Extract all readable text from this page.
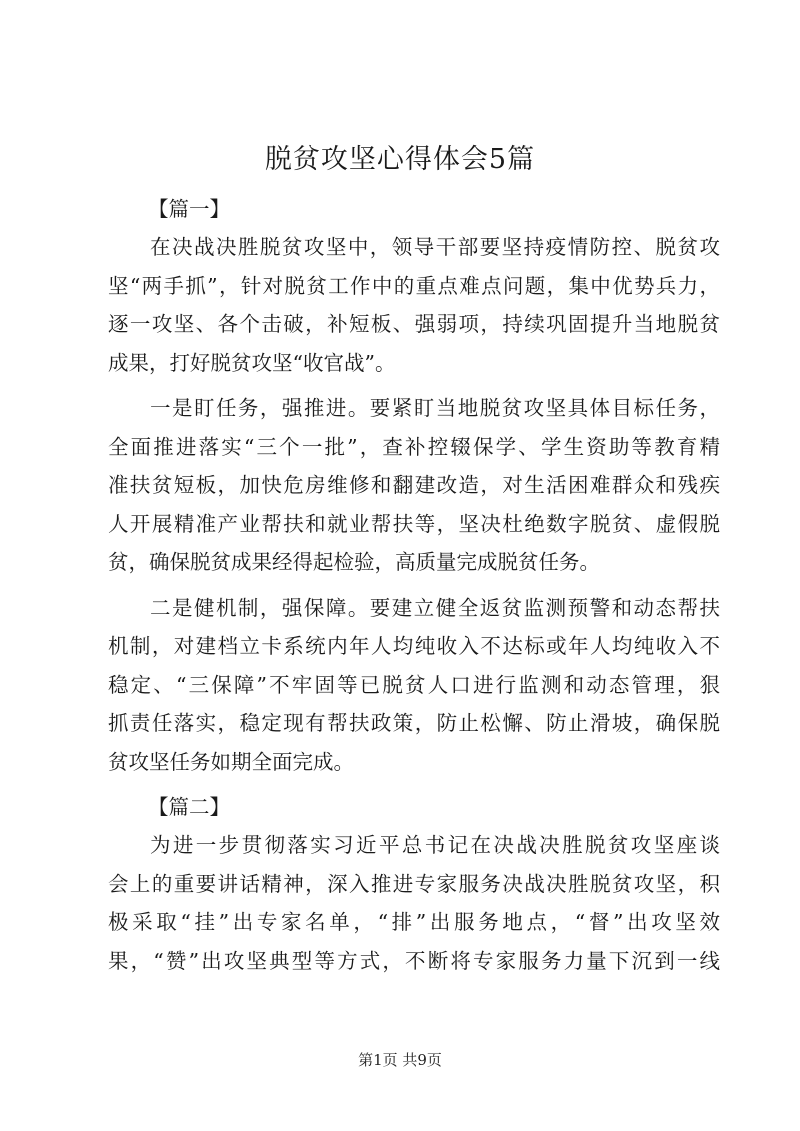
脱贫攻坚心得体会5篇

【篇一】

在决战决胜脱贫攻坚中，领导干部要坚持疫情防控、脱贫攻
坚“两手抓”，针对脱贫工作中的重点难点问题，集中优势兵力，
逐一攻坚、各个击破，补短板、强弱项，持续巩固提升当地脱贫
成果，打好脱贫攻坚“收官战”。
一是盯任务，强推进。要紧盯当地脱贫攻坚具体目标任务，
全面推进落实“三个一批”，查补控辍保学、学生资助等教育精
准扶贫短板，加快危房维修和翻建改造，对生活困难群众和残疾
人开展精准产业帮扶和就业帮扶等，坚决杜绝数字脱贫、虚假脱
贫，确保脱贫成果经得起检验，高质量完成脱贫任务。
二是健机制，强保障。要建立健全返贫监测预警和动态帮扶
机制，对建档立卡系统内年人均纯收入不达标或年人均纯收入不
稳定、“三保障”不牢固等已脱贫人口进行监测和动态管理，狠
抓责任落实，稳定现有帮扶政策，防止松懈、防止滑坡，确保脱
贫攻坚任务如期全面完成。

【篇二】

为进一步贯彻落实习近平总书记在决战决胜脱贫攻坚座谈
会上的重要讲话精神，深入推进专家服务决战决胜脱贫攻坚，积
极采取“挂”出专家名单，“排”出服务地点，“督”出攻坚效
果，“赞”出攻坚典型等方式，不断将专家服务力量下沉到一线
第1页 共9页
